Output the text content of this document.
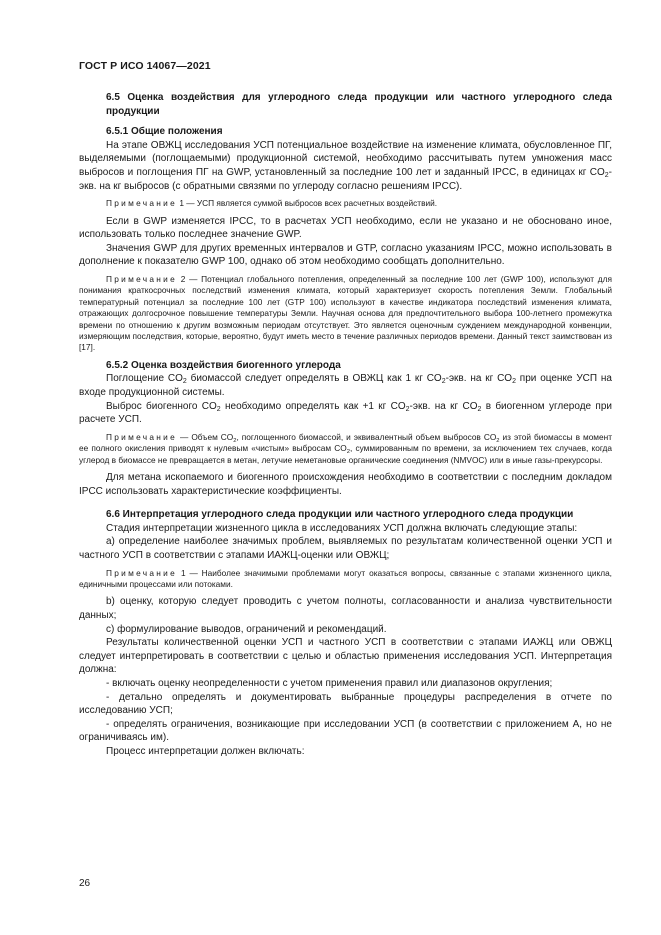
ГОСТ Р ИСО 14067—2021

6.5 Оценка воздействия для углеродного следа продукции или частного углеродного следа продукции

6.5.1 Общие положения

На этапе ОВЖЦ исследования УСП потенциальное воздействие на изменение климата, обусловленное ПГ, выделяемыми (поглощаемыми) продукционной системой, необходимо рассчитывать путем умножения масс выбросов и поглощения ПГ на GWP, установленный за последние 100 лет и заданный IPCC, в единицах кг $CO_2$-экв. на кг выбросов (с обратными связями по углероду согласно решениям IPCC).

Примечание 1 — УСП является суммой выбросов всех расчетных воздействий.

Если в GWP изменяется IPCC, то в расчетах УСП необходимо, если не указано и не обосновано иное, использовать только последнее значение GWP.

Значения GWP для других временных интервалов и GTP, согласно указаниям IPCC, можно использовать в дополнение к показателю GWP 100, однако об этом необходимо сообщать дополнительно.

Примечание 2 — Потенциал глобального потепления, определенный за последние 100 лет (GWP 100), используют для понимания краткосрочных последствий изменения климата, который характеризует скорость потепления Земли. Глобальный температурный потенциал за последние 100 лет (GTP 100) используют в качестве индикатора последствий изменения климата, отражающих долгосрочное повышение температуры Земли. Научная основа для предпочтительного выбора 100-летнего промежутка времени по отношению к другим возможным периодам отсутствует. Это является оценочным суждением международной конвенции, измеряющим последствия, которые, вероятно, будут иметь место в течение различных периодов времени. Данный текст заимствован из [17].

6.5.2 Оценка воздействия биогенного углерода

Поглощение $CO_2$ биомассой следует определять в ОВЖЦ как 1 кг $CO_2$-экв. на кг $CO_2$ при оценке УСП на входе продукционной системы.

Выброс биогенного $CO_2$ необходимо определять как +1 кг $CO_2$-экв. на кг $CO_2$ в биогенном углероде при расчете УСП.

Примечание — Объем $CO_2$, поглощенного биомассой, и эквивалентный объем выбросов $CO_2$ из этой биомассы в момент ее полного окисления приводят к нулевым «чистым» выбросам $CO_2$, суммированным по времени, за исключением тех случаев, когда углерод в биомассе не превращается в метан, летучие неметановые органические соединения (NMVOC) или в иные газы-прекурсоры.

Для метана ископаемого и биогенного происхождения необходимо в соответствии с последним докладом IPCC использовать характеристические коэффициенты.

6.6 Интерпретация углеродного следа продукции или частного углеродного следа продукции

Стадия интерпретации жизненного цикла в исследованиях УСП должна включать следующие этапы:

а) определение наиболее значимых проблем, выявляемых по результатам количественной оценки УСП и частного УСП в соответствии с этапами ИАЖЦ-оценки или ОВЖЦ;

Примечание 1 — Наиболее значимыми проблемами могут оказаться вопросы, связанные с этапами жизненного цикла, единичными процессами или потоками.

b) оценку, которую следует проводить с учетом полноты, согласованности и анализа чувствительности данных;

c) формулирование выводов, ограничений и рекомендаций.

Результаты количественной оценки УСП и частного УСП в соответствии с этапами ИАЖЦ или ОВЖЦ следует интерпретировать в соответствии с целью и областью применения исследования УСП. Интерпретация должна:

- включать оценку неопределенности с учетом применения правил или диапазонов округления;

- детально определять и документировать выбранные процедуры распределения в отчете по исследованию УСП;

- определять ограничения, возникающие при исследовании УСП (в соответствии с приложением А, но не ограничиваясь им).

Процесс интерпретации должен включать:

26
